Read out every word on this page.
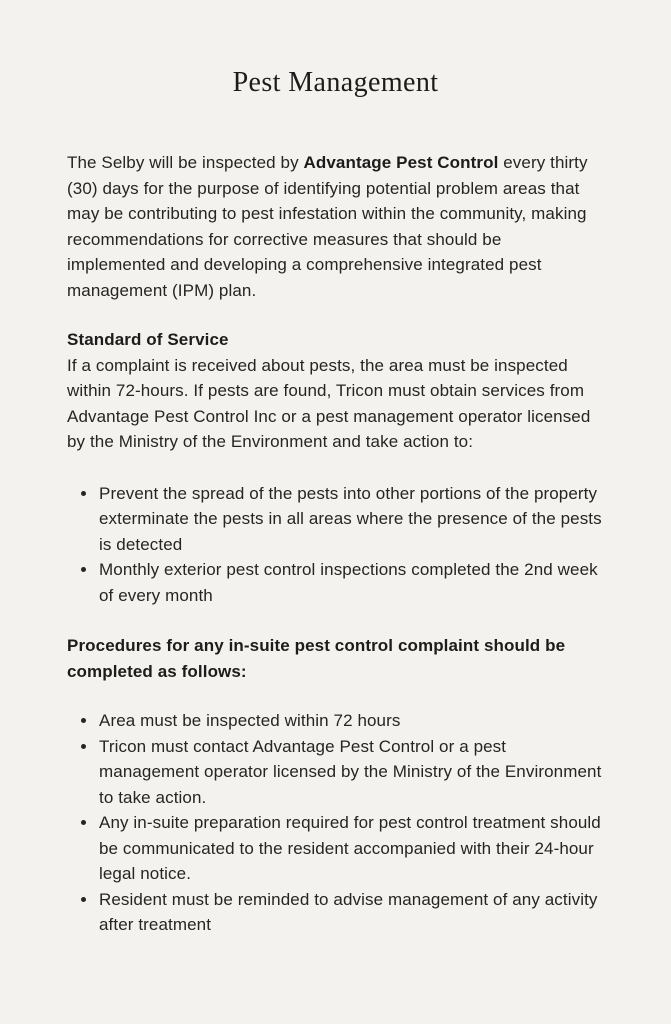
Pest Management

The Selby will be inspected by Advantage Pest Control every thirty (30) days for the purpose of identifying potential problem areas that may be contributing to pest infestation within the community, making recommendations for corrective measures that should be implemented and developing a comprehensive integrated pest management (IPM) plan.

Standard of Service

If a complaint is received about pests, the area must be inspected within 72-hours. If pests are found, Tricon must obtain services from Advantage Pest Control Inc or a pest management operator licensed by the Ministry of the Environment and take action to:

• Prevent the spread of the pests into other portions of the property exterminate the pests in all areas where the presence of the pests is detected
• Monthly exterior pest control inspections completed the 2nd week of every month

Procedures for any in-suite pest control complaint should be completed as follows:

• Area must be inspected within 72 hours
• Tricon must contact Advantage Pest Control or a pest management operator licensed by the Ministry of the Environment to take action.
• Any in-suite preparation required for pest control treatment should be communicated to the resident accompanied with their 24-hour legal notice.
• Resident must be reminded to advise management of any activity after treatment
